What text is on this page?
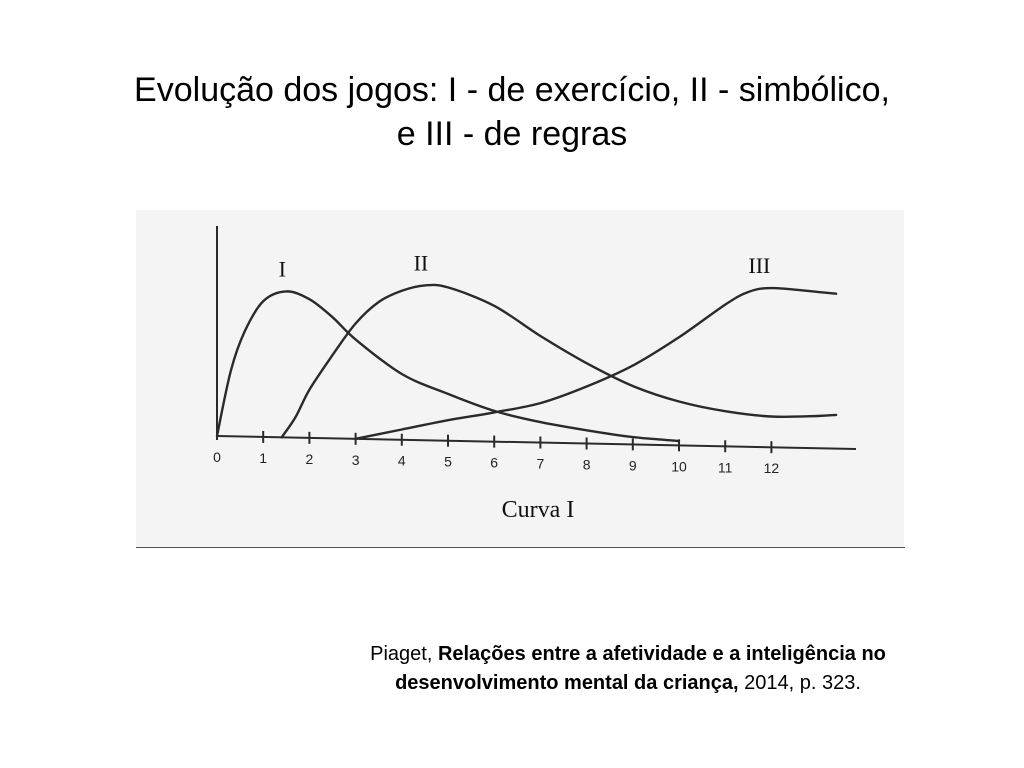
Evolução dos jogos: I - de exercício, II - simbólico,
e III - de regras
0	1	2	3	4	5	6	7	8	9 10 11 12
I	II	III
Curva I
Piaget, Relações entre a afetividade e a inteligência no
desenvolvimento mental da criança, 2014, p. 323.
